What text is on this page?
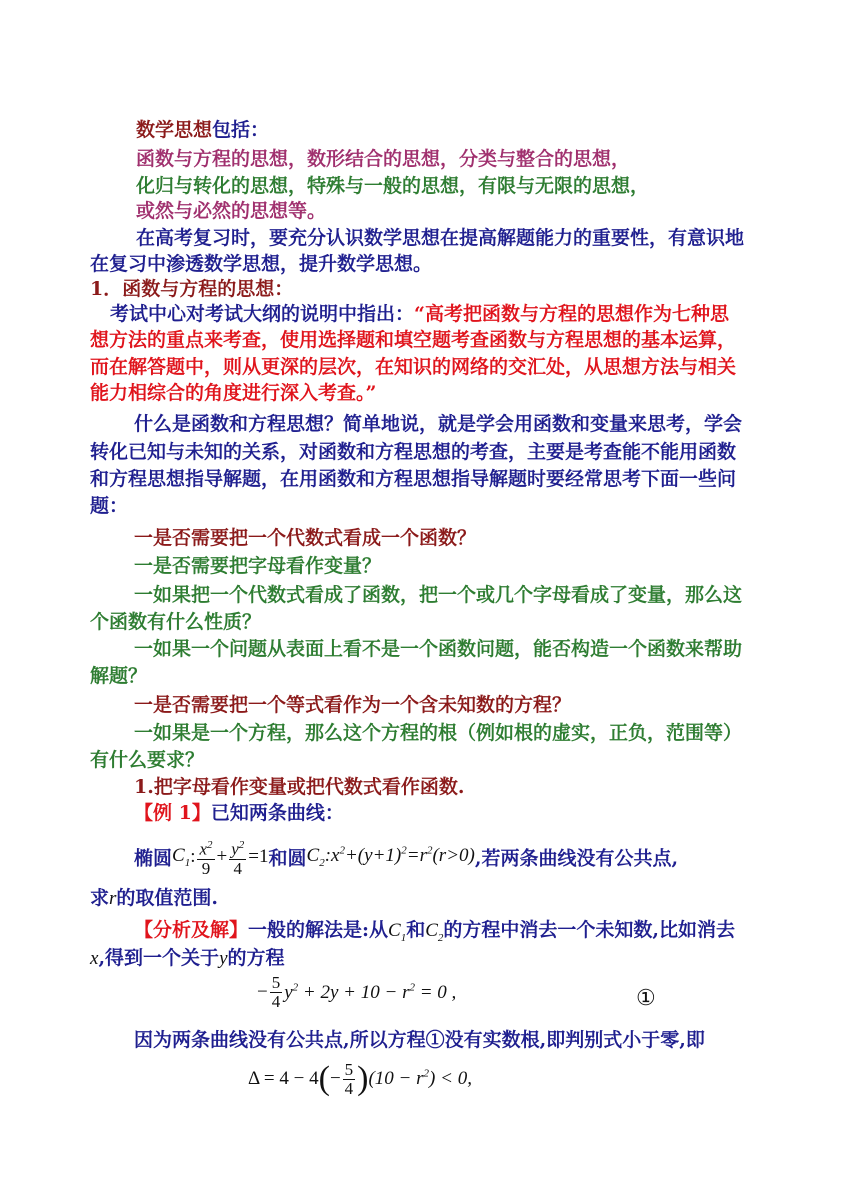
数学思想包括：
函数与方程的思想，数形结合的思想，分类与整合的思想，
化归与转化的思想，特殊与一般的思想，有限与无限的思想，
或然与必然的思想等。
在高考复习时，要充分认识数学思想在提高解题能力的重要性，有意识地
在复习中渗透数学思想，提升数学思想。
1．函数与方程的思想：
考试中心对考试大纲的说明中指出：“高考把函数与方程的思想作为七种思
想方法的重点来考查，使用选择题和填空题考查函数与方程思想的基本运算，
而在解答题中，则从更深的层次，在知识的网络的交汇处，从思想方法与相关
能力相综合的角度进行深入考查。”
什么是函数和方程思想？简单地说，就是学会用函数和变量来思考，学会
转化已知与未知的关系，对函数和方程思想的考查，主要是考查能不能用函数
和方程思想指导解题，在用函数和方程思想指导解题时要经常思考下面一些问
题：
一是否需要把一个代数式看成一个函数？
一是否需要把字母看作变量？
一如果把一个代数式看成了函数，把一个或几个字母看成了变量，那么这
个函数有什么性质？
一如果一个问题从表面上看不是一个函数问题，能否构造一个函数来帮助
解题？
一是否需要把一个等式看作为一个含未知数的方程？
一如果是一个方程，那么这个方程的根（例如根的虚实，正负，范围等）
有什么要求？
1.把字母看作变量或把代数式看作函数.
【例 1】已知两条曲线：
椭圆$C_1$: $\frac{x^2}{9} + \frac{y^2}{4} =1$和圆$C_2:x^2+(y+1)^2=r^2(r>0)$,若两条曲线没有公共点,
求r的取值范围.
【分析及解】一般的解法是:从$C_1$和$C_2$的方程中消去一个未知数,比如消去
x,得到一个关于y的方程
− $\frac{5}{4} y^2 + 2y + 10 - r^2 = 0$ ,	①
因为两条曲线没有公共点,所以方程①没有实数根,即判别式小于零,即
$\Delta = 4 - 4(- \frac{5}{4} )(10 - r^2) < 0$,
